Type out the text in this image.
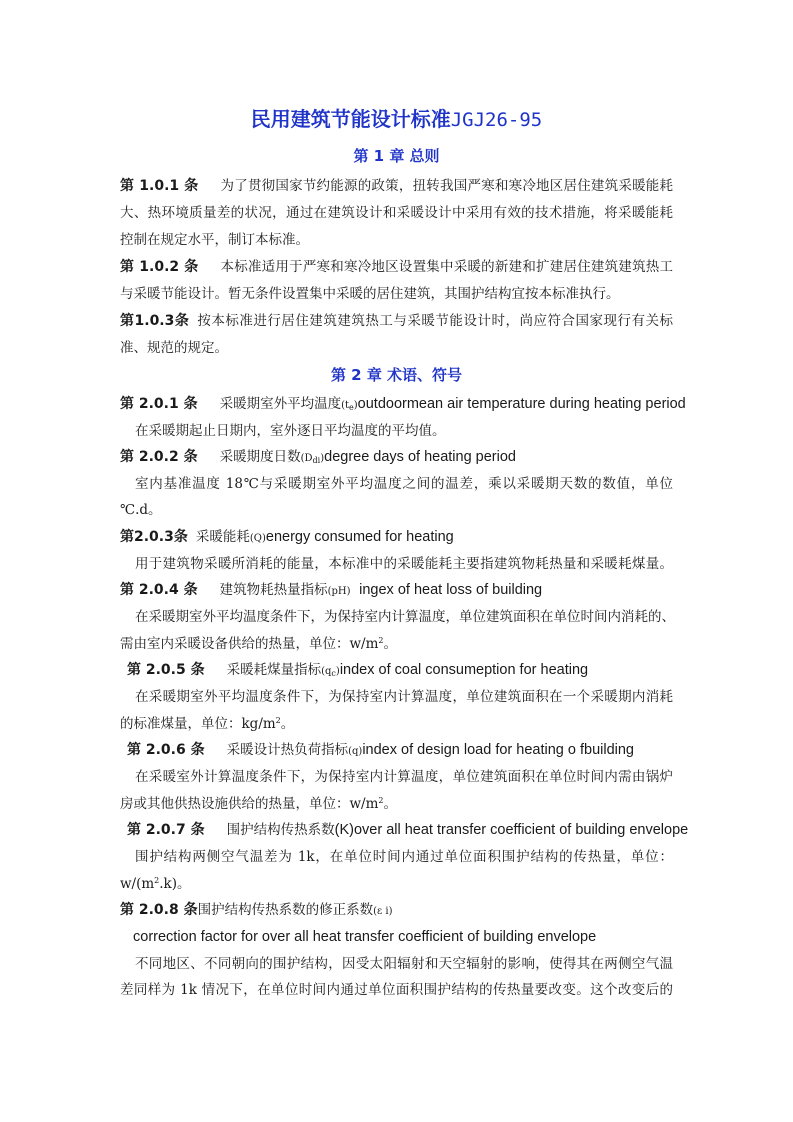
民用建筑节能设计标准JGJ26-95
第 1 章 总则
第 1.0.1 条 为了贯彻国家节约能源的政策，扭转我国严寒和寒冷地区居住建筑采暖能耗
大、热环境质量差的状况，通过在建筑设计和采暖设计中采用有效的技术措施，将采暖能耗
控制在规定水平，制订本标准。
第 1.0.2 条 本标准适用于严寒和寒冷地区设置集中采暖的新建和扩建居住建筑建筑热工
与采暖节能设计。暂无条件设置集中采暖的居住建筑，其围护结构宜按本标准执行。
第1.0.3条 按本标准进行居住建筑建筑热工与采暖节能设计时，尚应符合国家现行有关标
准、规范的规定。
第 2 章 术语、符号
第 2.0.1 条 采暖期室外平均温度$(t_e)outdoormean$ air temperature during heating period
在采暖期起止日期内，室外逐日平均温度的平均值。
第 2.0.2 条 采暖期度日数$(D_{di})degree$ days of heating period
室内基准温度 18℃与采暖期室外平均温度之间的温差，乘以采暖期天数的数值，单位
℃.d。
第2.0.3条 采暖能耗(Q)energy consumed for heating
用于建筑物采暖所消耗的能量，本标准中的采暖能耗主要指建筑物耗热量和采暖耗煤量。
第 2.0.4 条 建筑物耗热量指标(pH) ingex of heat loss of building
在采暖期室外平均温度条件下，为保持室内计算温度，单位建筑面积在单位时间内消耗的、
需由室内采暖设备供给的热量，单位：$w/m^2$。
第 2.0.5 条 采暖耗煤量指标$(q_c)index$ of coal consumeption for heating
在采暖期室外平均温度条件下，为保持室内计算温度，单位建筑面积在一个采暖期内消耗
的标准煤量，单位：$kg/m^2$。
第 2.0.6 条 采暖设计热负荷指标(q)index of design load for heating o fbuilding
在采暖室外计算温度条件下，为保持室内计算温度，单位建筑面积在单位时间内需由锅炉
房或其他供热设施供给的热量，单位：$w/m^2$。
第 2.0.7 条 围护结构传热系数(K)over all heat transfer coefficient of building envelope
围护结构两侧空气温差为 1k，在单位时间内通过单位面积围护结构的传热量，单位：
$w/(m^2.k)$。
第 2.0.8 条围护结构传热系数的修正系数(ε i)
correction factor for over all heat transfer coefficient of building envelope
不同地区、不同朝向的围护结构，因受太阳辐射和天空辐射的影响，使得其在两侧空气温
差同样为 1k 情况下，在单位时间内通过单位面积围护结构的传热量要改变。这个改变后的
